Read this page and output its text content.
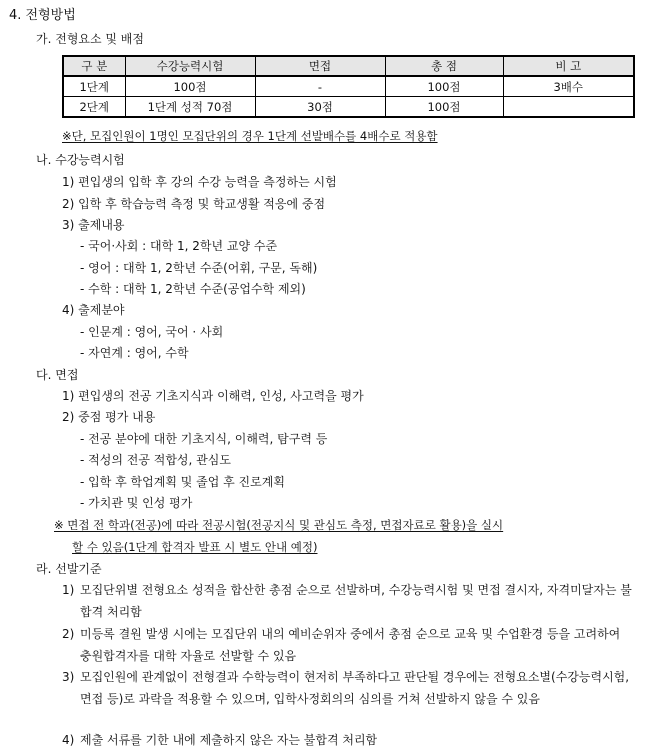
4. 전형방법
가. 전형요소 및 배점
구 분	수강능력시험	면접	총 점	비 고
1단계	100점	-	100점	3배수
2단계	1단계 성적 70점	30점	100점	
※단, 모집인원이 1명인 모집단위의 경우 1단계 선발배수를 4배수로 적용함
나. 수강능력시험
1) 편입생의 입학 후 강의 수강 능력을 측정하는 시험
2) 입학 후 학습능력 측정 및 학교생활 적응에 중점
3) 출제내용
- 국어·사회 : 대학 1, 2학년 교양 수준
- 영어 : 대학 1, 2학년 수준(어휘, 구문, 독해)
- 수학 : 대학 1, 2학년 수준(공업수학 제외)
4) 출제분야
- 인문계 : 영어, 국어 · 사회
- 자연계 : 영어, 수학
다. 면접
1) 편입생의 전공 기초지식과 이해력, 인성, 사고력을 평가
2) 중점 평가 내용
- 전공 분야에 대한 기초지식, 이해력, 탐구력 등
- 적성의 전공 적합성, 관심도
- 입학 후 학업계획 및 졸업 후 진로계획
- 가치관 및 인성 평가
※ 면접 전 학과(전공)에 따라 전공시험(전공지식 및 관심도 측정, 면접자료로 활용)을 실시
할 수 있음(1단계 합격자 발표 시 별도 안내 예정)
라. 선발기준
1) 모집단위별 전형요소 성적을 합산한 총점 순으로 선발하며, 수강능력시험 및 면접 결시자, 자격미달자는 불합격 처리함
2) 미등록 결원 발생 시에는 모집단위 내의 예비순위자 중에서 총점 순으로 교육 및 수업환경 등을 고려하여 충원합격자를 대학 자율로 선발할 수 있음
3) 모집인원에 관계없이 전형결과 수학능력이 현저히 부족하다고 판단될 경우에는 전형요소별(수강능력시험, 면접 등)로 과락을 적용할 수 있으며, 입학사정회의의 심의를 거쳐 선발하지 않을 수 있음
4) 제출 서류를 기한 내에 제출하지 않은 자는 불합격 처리함
